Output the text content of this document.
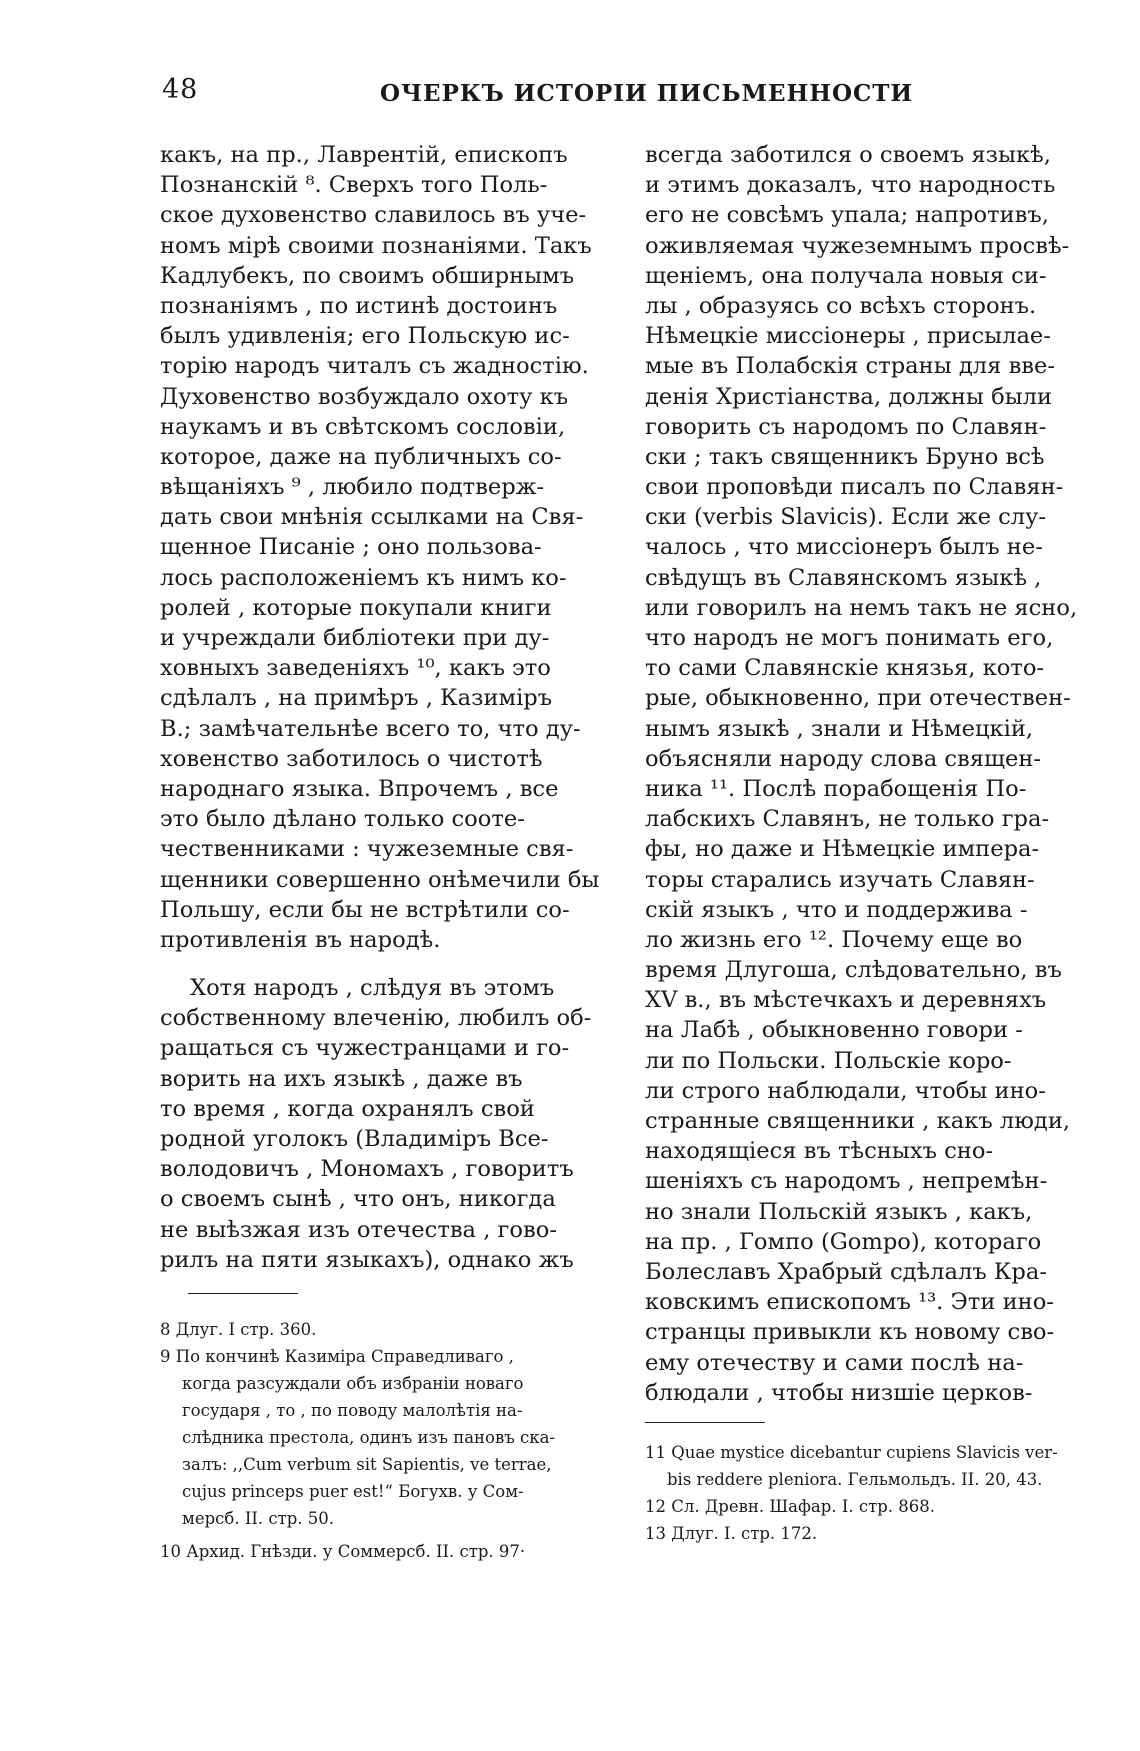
48	ОЧЕРКЪ ИСТОРІИ ПИСЬМЕННОСТИ
какъ, на пр., Лаврентій, епископъ
Познанскій ⁸. Сверхъ того Поль-
ское духовенство славилось въ уче-
номъ мірѣ своими познаніями. Такъ
Кадлубекъ, по своимъ обширнымъ
познаніямъ , по истинѣ достоинъ
былъ удивленія; его Польскую ис-
торію народъ читалъ съ жадностію.
Духовенство возбуждало охоту къ
наукамъ и въ свѣтскомъ сословіи,
которое, даже на публичныхъ со-
вѣщаніяхъ ⁹ , любило подтверж-
дать свои мнѣнія ссылками на Свя-
щенное Писаніе ; оно пользова-
лось расположеніемъ къ нимъ ко-
ролей , которые покупали книги
и учреждали библіотеки при ду-
ховныхъ заведеніяхъ ¹⁰, какъ это
сдѣлалъ , на примѣръ , Казиміръ
В.; замѣчательнѣе всего то, что ду-
ховенство заботилось о чистотѣ
народнаго языка. Впрочемъ , все
это было дѣлано только соотe-
чественниками : чужеземные свя-
щенники совершенно онѣмечили бы
Польшу, если бы не встрѣтили со-
противленія въ народѣ.
Хотя народъ , слѣдуя въ этомъ
собственному влеченію, любилъ об-
ращаться съ чужестранцами и го-
ворить на ихъ языкѣ , даже въ
то время , когда охранялъ свой
родной уголокъ (Владиміръ Все-
володовичъ , Мономахъ , говоритъ
о своемъ сынѣ , что онъ, никогда
не выѣзжая изъ отечества , гово-
рилъ на пяти языкахъ), однако жъ
8 Длуг. I стр. 360.
9 По кончинѣ Казиміра Справедливаго ,
когда разсуждали объ избраніи новаго
государя , то , по поводу малолѣтія на-
слѣдника престола, одинъ изъ пановъ ска-
залъ: ,,Cum verbum sit Sapientis, ve terrae,
cujus princeps puer est!“ Богухв. у Сом-
мерсб. II. стр. 50.
10 Архид. Гнѣзди. у Соммерсб. II. стр. 97·
всегда заботился о своемъ языкѣ,
и этимъ доказалъ, что народность
его не совсѣмъ упала; напротивъ,
оживляемая чужеземнымъ просвѣ-
щеніемъ, она получала новыя си-
лы , образуясь со всѣхъ сторонъ.
Нѣмецкіе миссіонеры , присылае-
мые въ Полабскія страны для вве-
денія Христіанства, должны были
говорить съ народомъ по Славян-
ски ; такъ священникъ Бруно всѣ
свои проповѣди писалъ по Славян-
ски (verbis Slavicis). Если же слу-
чалось , что миссіонеръ былъ не-
свѣдущъ въ Славянскомъ языкѣ ,
или говорилъ на немъ такъ не ясно,
что народъ не могъ понимать его,
то сами Славянскіе князья, кото-
рые, обыкновенно, при отечествен-
нымъ языкѣ , знали и Нѣмецкій,
объясняли народу слова священ-
ника ¹¹. Послѣ порабощенія По-
лабскихъ Славянъ, не только гра-
фы, но даже и Нѣмецкіе импера-
торы старались изучать Славян-
скій языкъ , что и поддержива -
ло жизнь его ¹². Почему еще во
время Длугоша, слѣдовательно, въ
XV в., въ мѣстечкахъ и деревняхъ
на Лабѣ , обыкновенно говори -
ли по Польски. Польскіе коро-
ли строго наблюдали, чтобы ино-
странные священники , какъ люди,
находящіеся въ тѣсныхъ сно-
шеніяхъ съ народомъ , непремѣн-
но знали Польскій языкъ , какъ,
на пр. , Гомпо (Gompo), котораго
Болеславъ Храбрый сдѣлалъ Кра-
ковскимъ епископомъ ¹³. Эти ино-
странцы привыкли къ новому сво-
ему отечеству и сами послѣ на-
блюдали , чтобы низшіе церков-
11 Quae mystice dicebantur cupiens Slavicis ver-
bis reddere pleniora. Гельмольдъ. II. 20, 43.
12 Сл. Древн. Шафар. I. стр. 868.
13 Длуг. I. стр. 172.
